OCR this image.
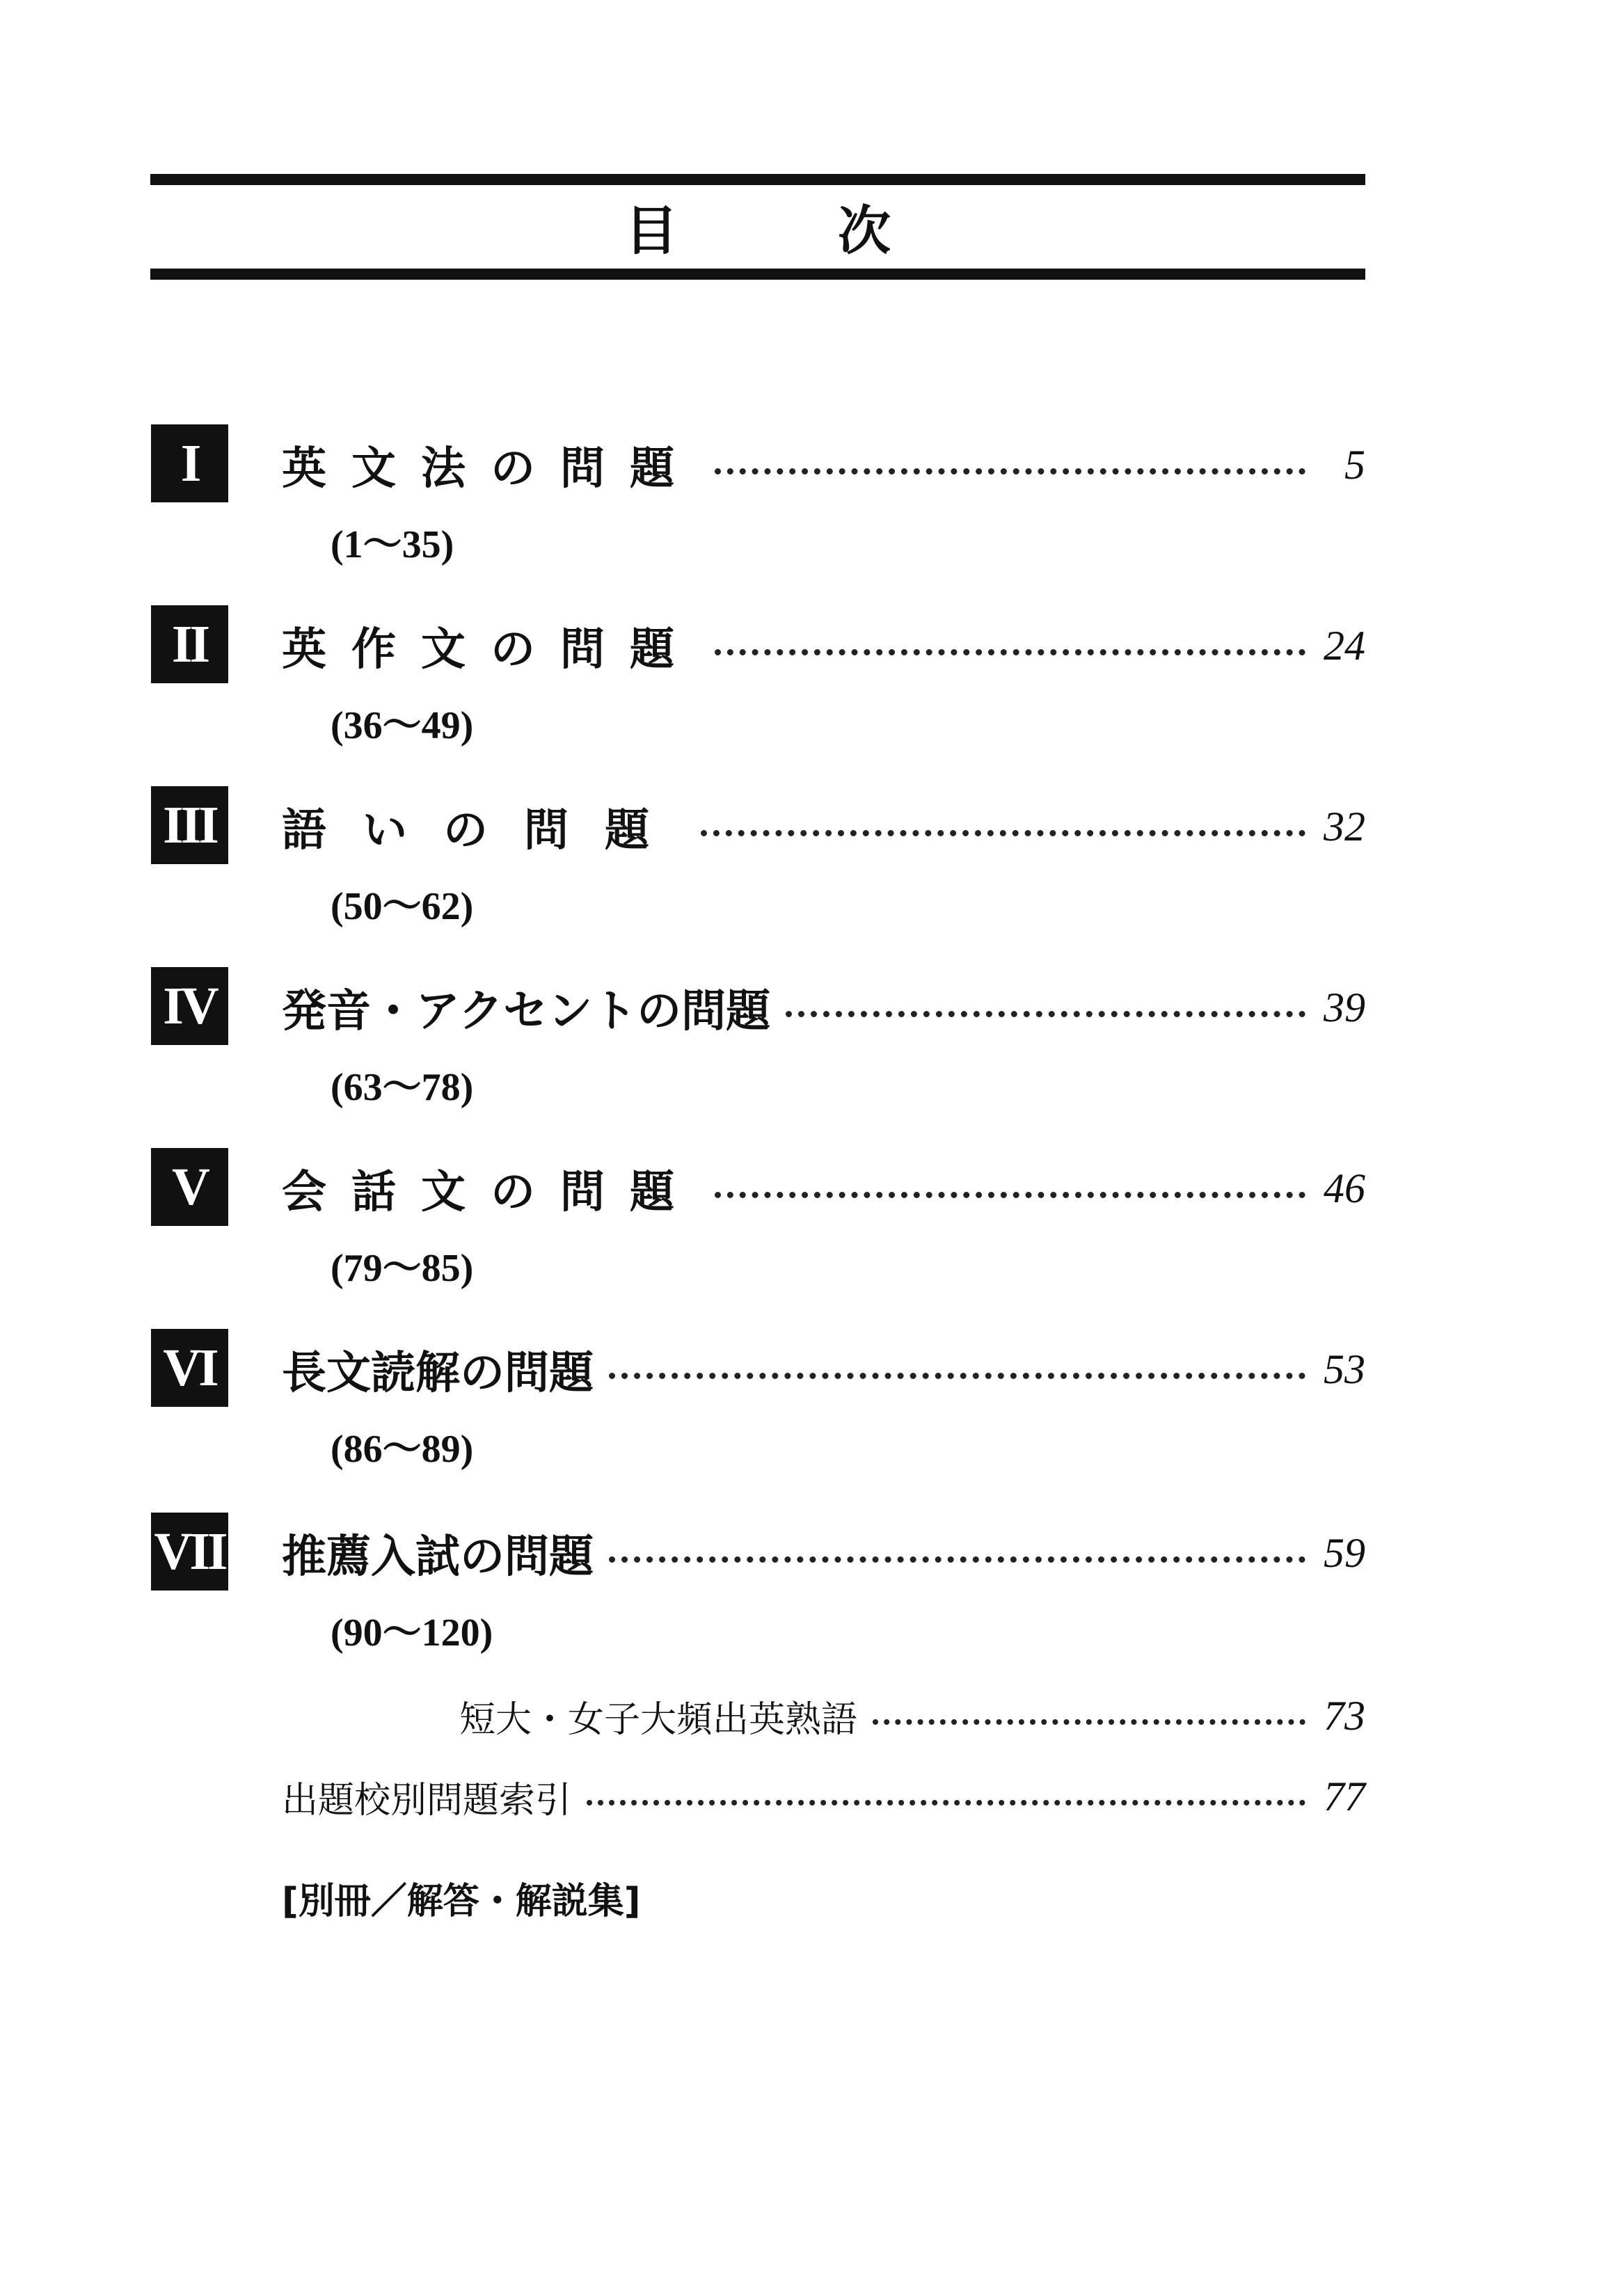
目	次
I	英文法の問題	5
(1〜35)
II	英作文の問題	24
(36〜49)
III 語いの問題	32
(50〜62)
IV 発音・アクセントの問題	39
(63〜78)
V	会話文の問題	46
(79〜85)
VI 長文読解の問題	53
(86〜89)
VII 推薦入試の問題	59
(90〜120)
短大・女子大頻出英熟語	73
出題校別問題索引	77
[別冊／解答・解説集]
